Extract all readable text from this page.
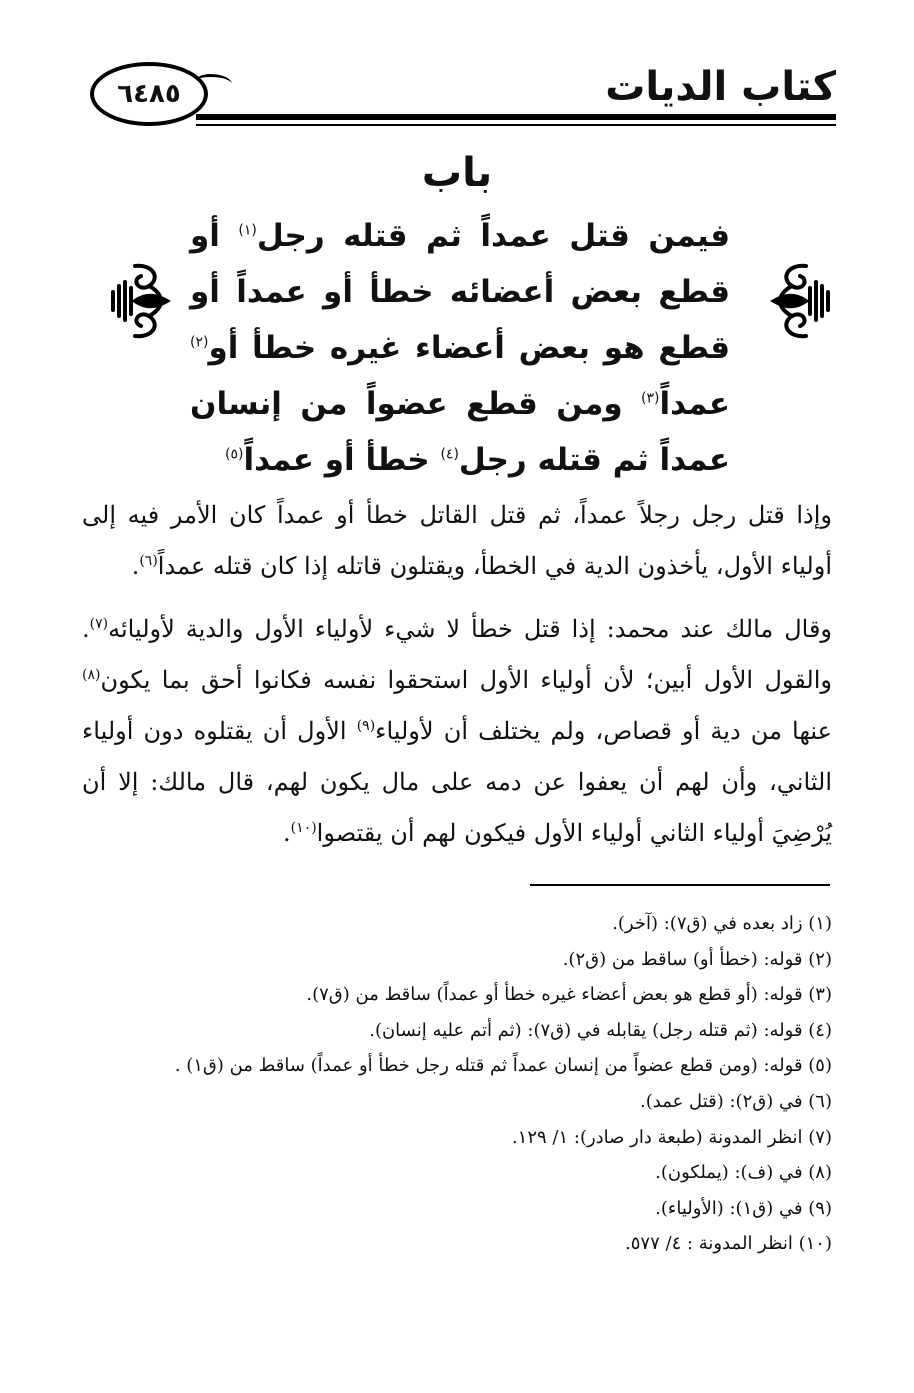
٦٤٨٥	كتاب الديات
باب
فيمن قتل عمداً ثم قتله رجل$^{(١)}$ أو قطع بعض أعضائه خطأ أو عمداً أو قطع هو بعض أعضاء غيره خطأ أو$^{(٢)}$ عمداً$^{(٣)}$ ومن قطع عضواً من إنسان عمداً ثم قتله رجل$^{(٤)}$ خطأ أو عمداً$^{(٥)}$
وإذا قتل رجل رجلاً عمداً، ثم قتل القاتل خطأ أو عمداً كان الأمر فيه إلى أولياء الأول، يأخذون الدية في الخطأ، ويقتلون قاتله إذا كان قتله عمداً$^{(٦)}$.
وقال مالك عند محمد: إذا قتل خطأ لا شيء لأولياء الأول والدية لأوليائه$^{(٧)}$. والقول الأول أبين؛ لأن أولياء الأول استحقوا نفسه فكانوا أحق بما يكون$^{(٨)}$ عنها من دية أو قصاص، ولم يختلف أن لأولياء$^{(٩)}$ الأول أن يقتلوه دون أولياء الثاني، وأن لهم أن يعفوا عن دمه على مال يكون لهم، قال مالك: إلا أن يُرْضِيَ أولياء الثاني أولياء الأول فيكون لهم أن يقتصوا$^{(١٠)}$.
(١) زاد بعده في (ق٧): (آخر).
(٢) قوله: (خطأ أو) ساقط من (ق٢).
(٣) قوله: (أو قطع هو بعض أعضاء غيره خطأ أو عمداً) ساقط من (ق٧).
(٤) قوله: (ثم قتله رجل) يقابله في (ق٧): (ثم أتم عليه إنسان).
(٥) قوله: (ومن قطع عضواً من إنسان عمداً ثم قتله رجل خطأ أو عمداً) ساقط من (ق١) .
(٦) في (ق٢): (قتل عمد).
(٧) انظر المدونة (طبعة دار صادر): ١/ ١٢٩.
(٨) في (ف): (يملكون).
(٩) في (ق١): (الأولياء).
(١٠) انظر المدونة : ٤/ ٥٧٧.
